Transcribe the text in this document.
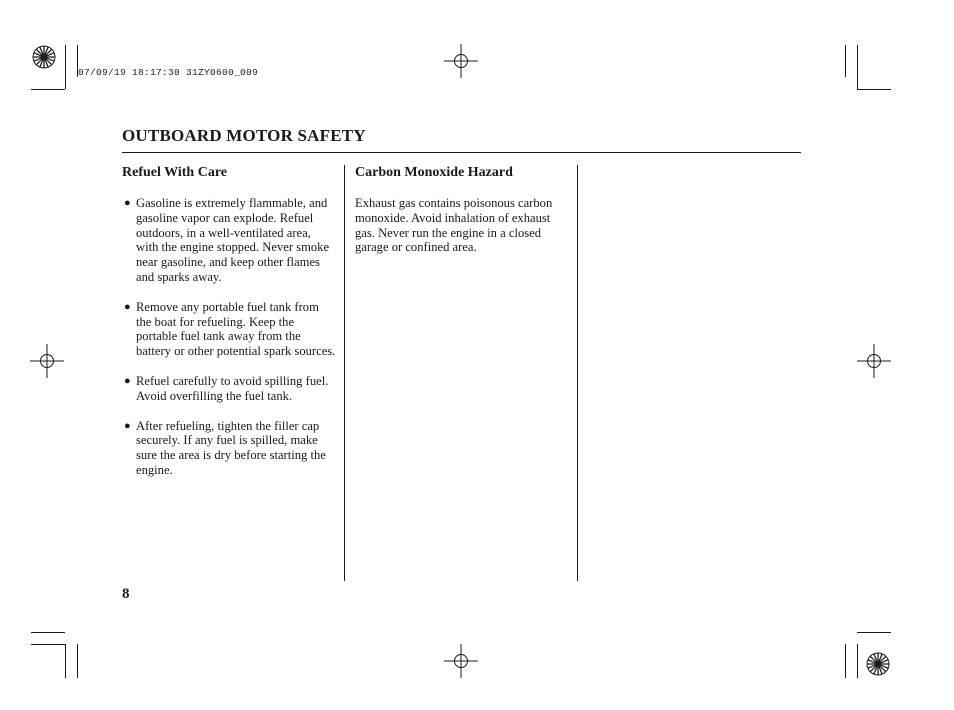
07/09/19 18:17:30 31ZY0600_009
OUTBOARD MOTOR SAFETY
Refuel With Care
● Gasoline is extremely flammable, and gasoline vapor can explode. Refuel outdoors, in a well-ventilated area, with the engine stopped. Never smoke near gasoline, and keep other flames and sparks away.
● Remove any portable fuel tank from the boat for refueling. Keep the portable fuel tank away from the battery or other potential spark sources.
● Refuel carefully to avoid spilling fuel. Avoid overfilling the fuel tank.
● After refueling, tighten the filler cap securely. If any fuel is spilled, make sure the area is dry before starting the engine.
Carbon Monoxide Hazard

Exhaust gas contains poisonous carbon monoxide. Avoid inhalation of exhaust gas. Never run the engine in a closed garage or confined area.

8
